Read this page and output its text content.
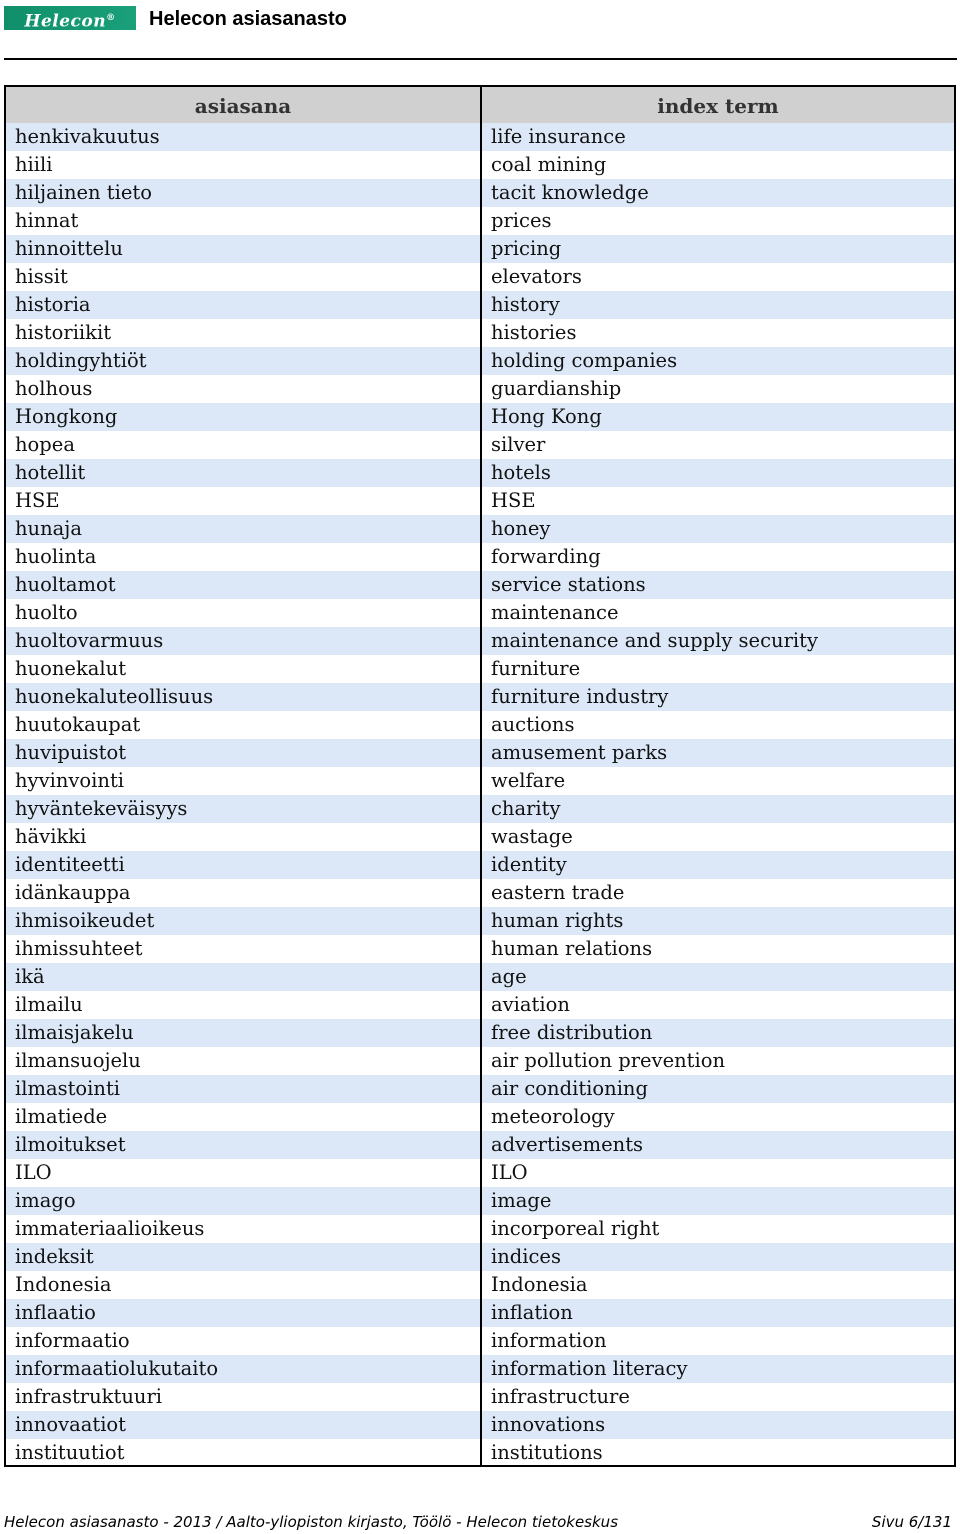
Helecon®	Helecon asiasanasto
asiasana	index term
henkivakuutus	life insurance
hiili	coal mining
hiljainen tieto	tacit knowledge
hinnat	prices
hinnoittelu	pricing
hissit	elevators
historia	history
historiikit	histories
holdingyhtiöt	holding companies
holhous	guardianship
Hongkong	Hong Kong
hopea	silver
hotellit	hotels
HSE	HSE
hunaja	honey
huolinta	forwarding
huoltamot	service stations
huolto	maintenance
huoltovarmuus	maintenance and supply security
huonekalut	furniture
huonekaluteollisuus	furniture industry
huutokaupat	auctions
huvipuistot	amusement parks
hyvinvointi	welfare
hyväntekeväisyys	charity
hävikki	wastage
identiteetti	identity
idänkauppa	eastern trade
ihmisoikeudet	human rights
ihmissuhteet	human relations
ikä	age
ilmailu	aviation
ilmaisjakelu	free distribution
ilmansuojelu	air pollution prevention
ilmastointi	air conditioning
ilmatiede	meteorology
ilmoitukset	advertisements
ILO	ILO
imago	image
immateriaalioikeus	incorporeal right
indeksit	indices
Indonesia	Indonesia
inflaatio	inflation
informaatio	information
informaatiolukutaito	information literacy
infrastruktuuri	infrastructure
innovaatiot	innovations
instituutiot	institutions
Helecon asiasanasto - 2013 / Aalto-yliopiston kirjasto, Töölö - Helecon tietokeskus	Sivu 6/131
